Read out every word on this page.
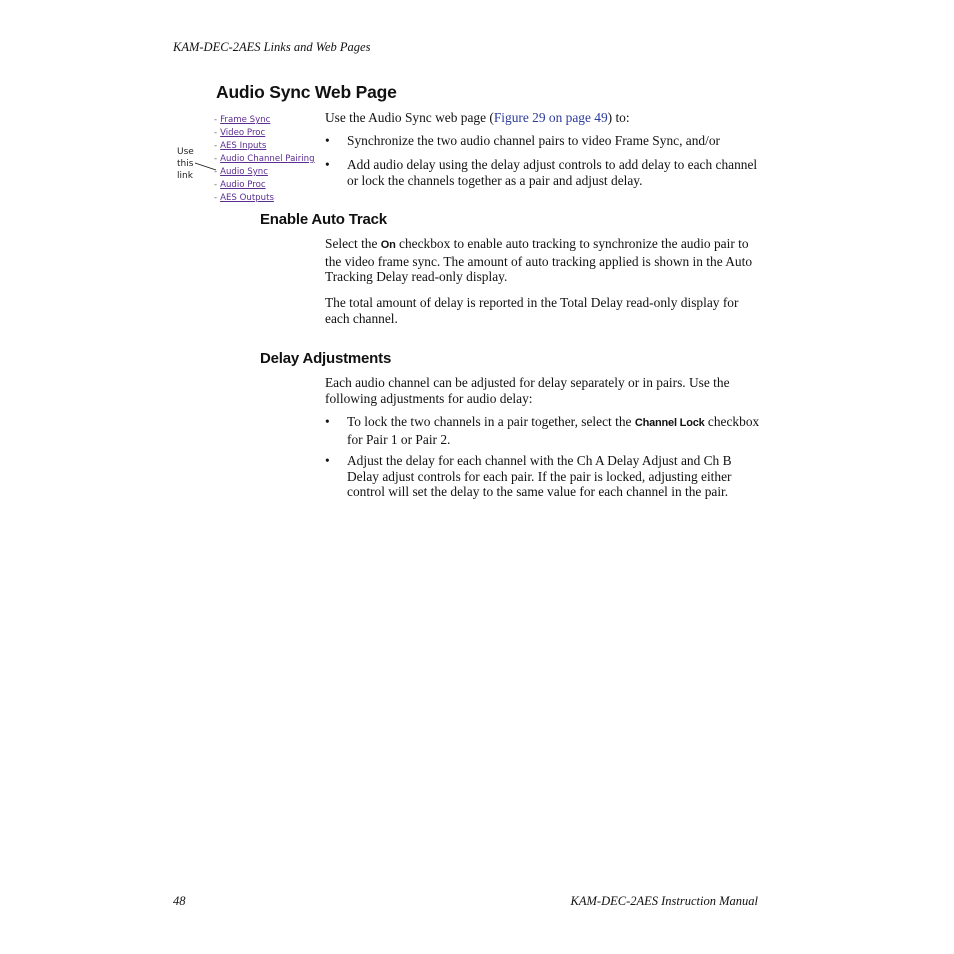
KAM-DEC-2AES Links and Web Pages
Audio Sync Web Page
- Frame Sync
- Video Proc
- AES Inputs
- Audio Channel Pairing
- Audio Sync
- Audio Proc
- AES Outputs
Use
this
link
Use the Audio Sync web page (Figure 29 on page 49) to:
• Synchronize the two audio channel pairs to video Frame Sync, and/or
• Add audio delay using the delay adjust controls to add delay to each channel or lock the channels together as a pair and adjust delay.
Enable Auto Track
Select the On checkbox to enable auto tracking to synchronize the audio pair to the video frame sync. The amount of auto tracking applied is shown in the Auto Tracking Delay read-only display.
The total amount of delay is reported in the Total Delay read-only display for each channel.
Delay Adjustments
Each audio channel can be adjusted for delay separately or in pairs. Use the following adjustments for audio delay:
• To lock the two channels in a pair together, select the Channel Lock checkbox for Pair 1 or Pair 2.
• Adjust the delay for each channel with the Ch A Delay Adjust and Ch B Delay adjust controls for each pair. If the pair is locked, adjusting either control will set the delay to the same value for each channel in the pair.
48	KAM-DEC-2AES Instruction Manual
